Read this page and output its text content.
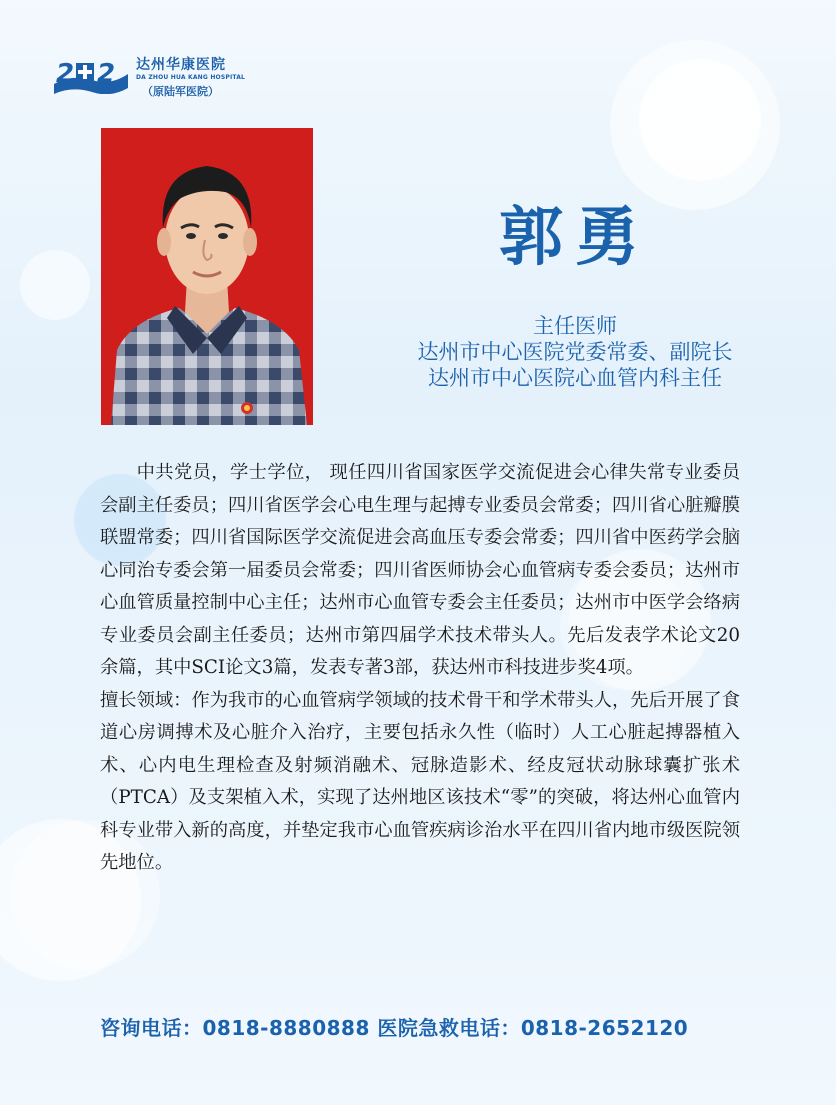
2 2 达州华康医院
DA ZHOU HUA KANG HOSPITAL
（原陆军医院）
郭勇
主任医师
达州市中心医院党委常委、副院长
达州市中心医院心血管内科主任

中共党员，学士学位， 现任四川省国家医学交流促进会心律失常专业委员会副主任委员；四川省医学会心电生理与起搏专业委员会常委；四川省心脏瓣膜联盟常委；四川省国际医学交流促进会高血压专委会常委；四川省中医药学会脑心同治专委会第一届委员会常委；四川省医师协会心血管病专委会委员；达州市心血管质量控制中心主任；达州市心血管专委会主任委员；达州市中医学会络病专业委员会副主任委员；达州市第四届学术技术带头人。先后发表学术论文20余篇，其中SCI论文3篇，发表专著3部，获达州市科技进步奖4项。

擅长领域：作为我市的心血管病学领域的技术骨干和学术带头人，先后开展了食道心房调搏术及心脏介入治疗，主要包括永久性（临时）人工心脏起搏器植入术、心内电生理检查及射频消融术、冠脉造影术、经皮冠状动脉球囊扩张术（PTCA）及支架植入术，实现了达州地区该技术“零”的突破，将达州心血管内科专业带入新的高度，并垫定我市心血管疾病诊治水平在四川省内地市级医院领先地位。

咨询电话：0818-8880888 医院急救电话：0818-2652120
